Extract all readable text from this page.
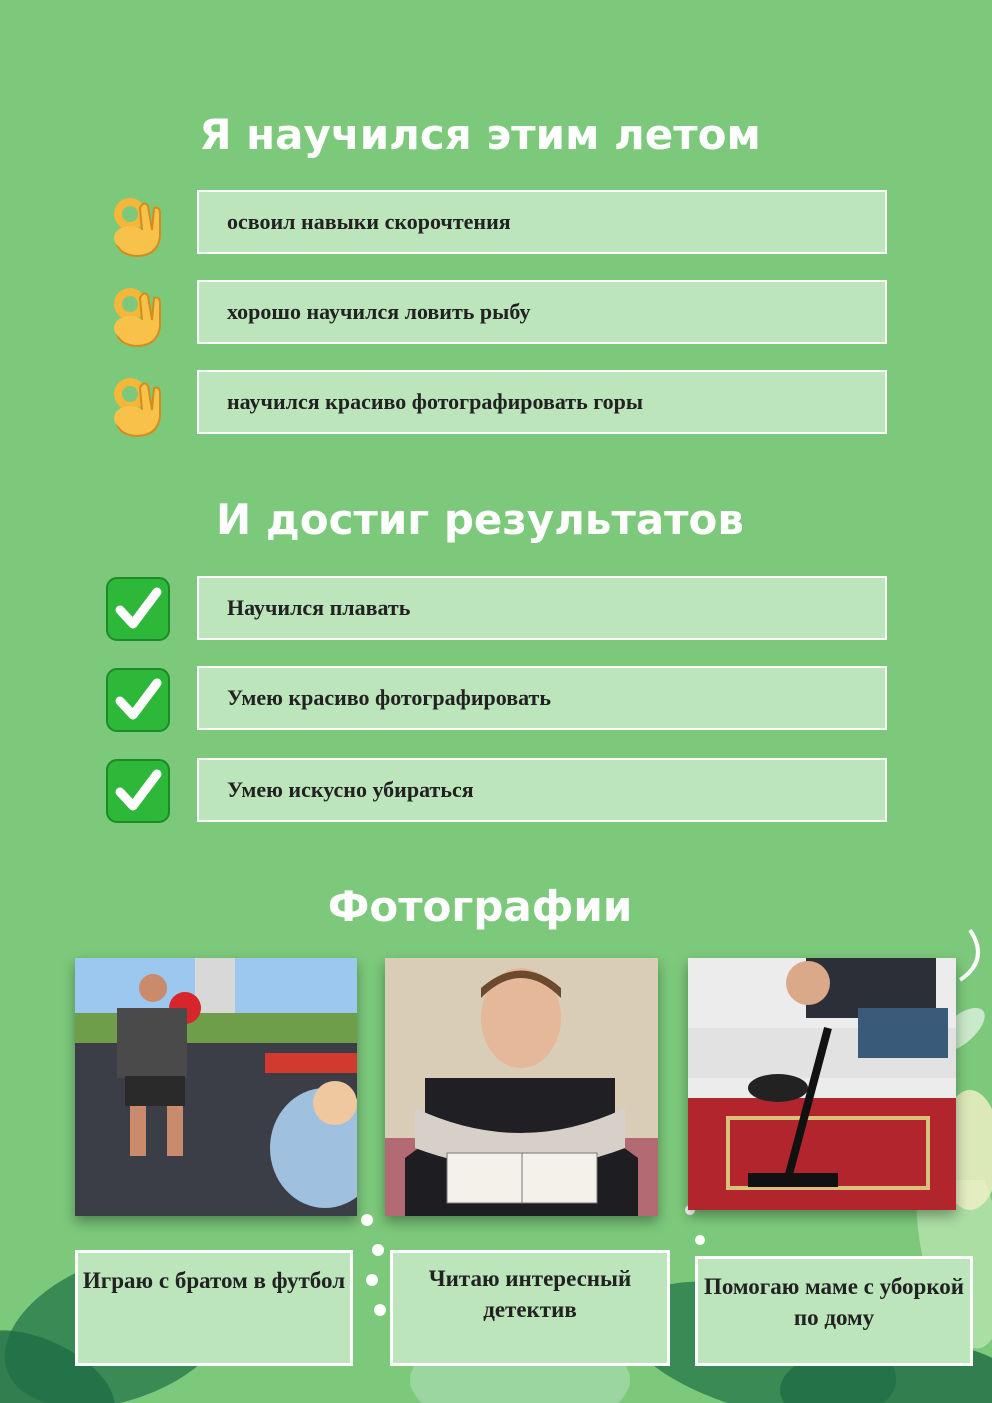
Я научился этим летом
освоил навыки скорочтения
хорошо научился ловить рыбу
научился красиво фотографировать горы
И достиг результатов
Научился плавать
Умею красиво фотографировать
Умею искусно убираться
Фотографии
Играю с братом в футбол	Читаю интересный детектив
Помогаю маме с уборкой по дому
